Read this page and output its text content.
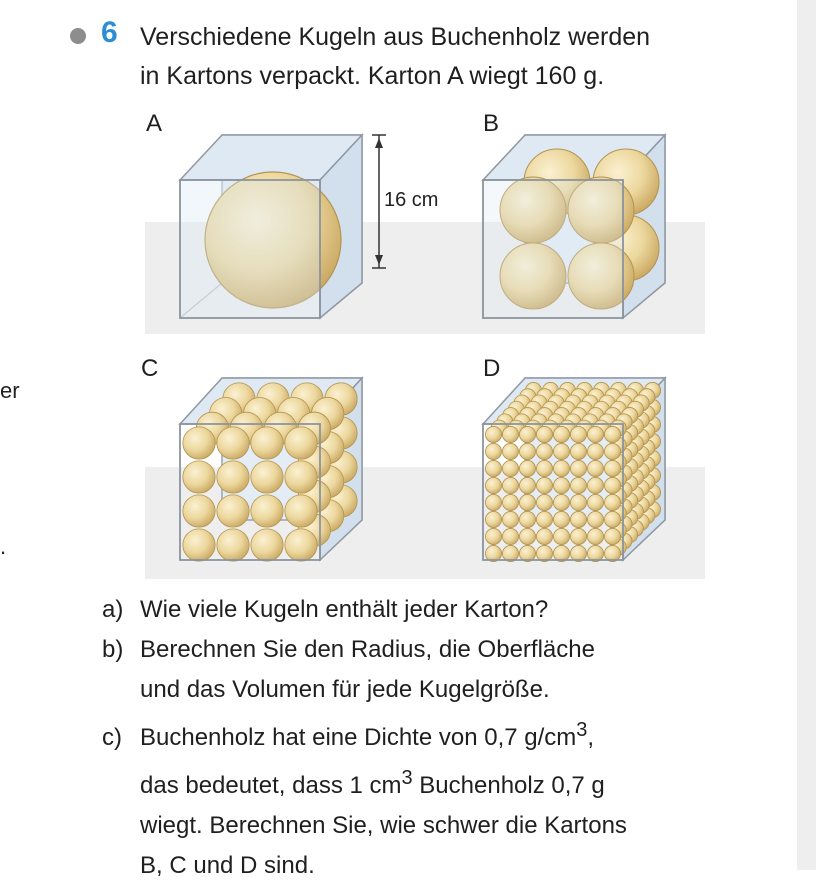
er
.
6 Verschiedene Kugeln aus Buchenholz werden

in Kartons verpackt. Karton A wiegt 160 g.

16 cm
A	B
C	D
a) Wie viele Kugeln enthält jeder Karton?
b) Berechnen Sie den Radius, die Oberfläche
und das Volumen für jede Kugelgröße.
c) Buchenholz hat eine Dichte von 0,7 $g/cm^3$,
das bedeutet, dass 1 $cm^3$ Buchenholz 0,7 g
wiegt. Berechnen Sie, wie schwer die Kartons
B, C und D sind.
